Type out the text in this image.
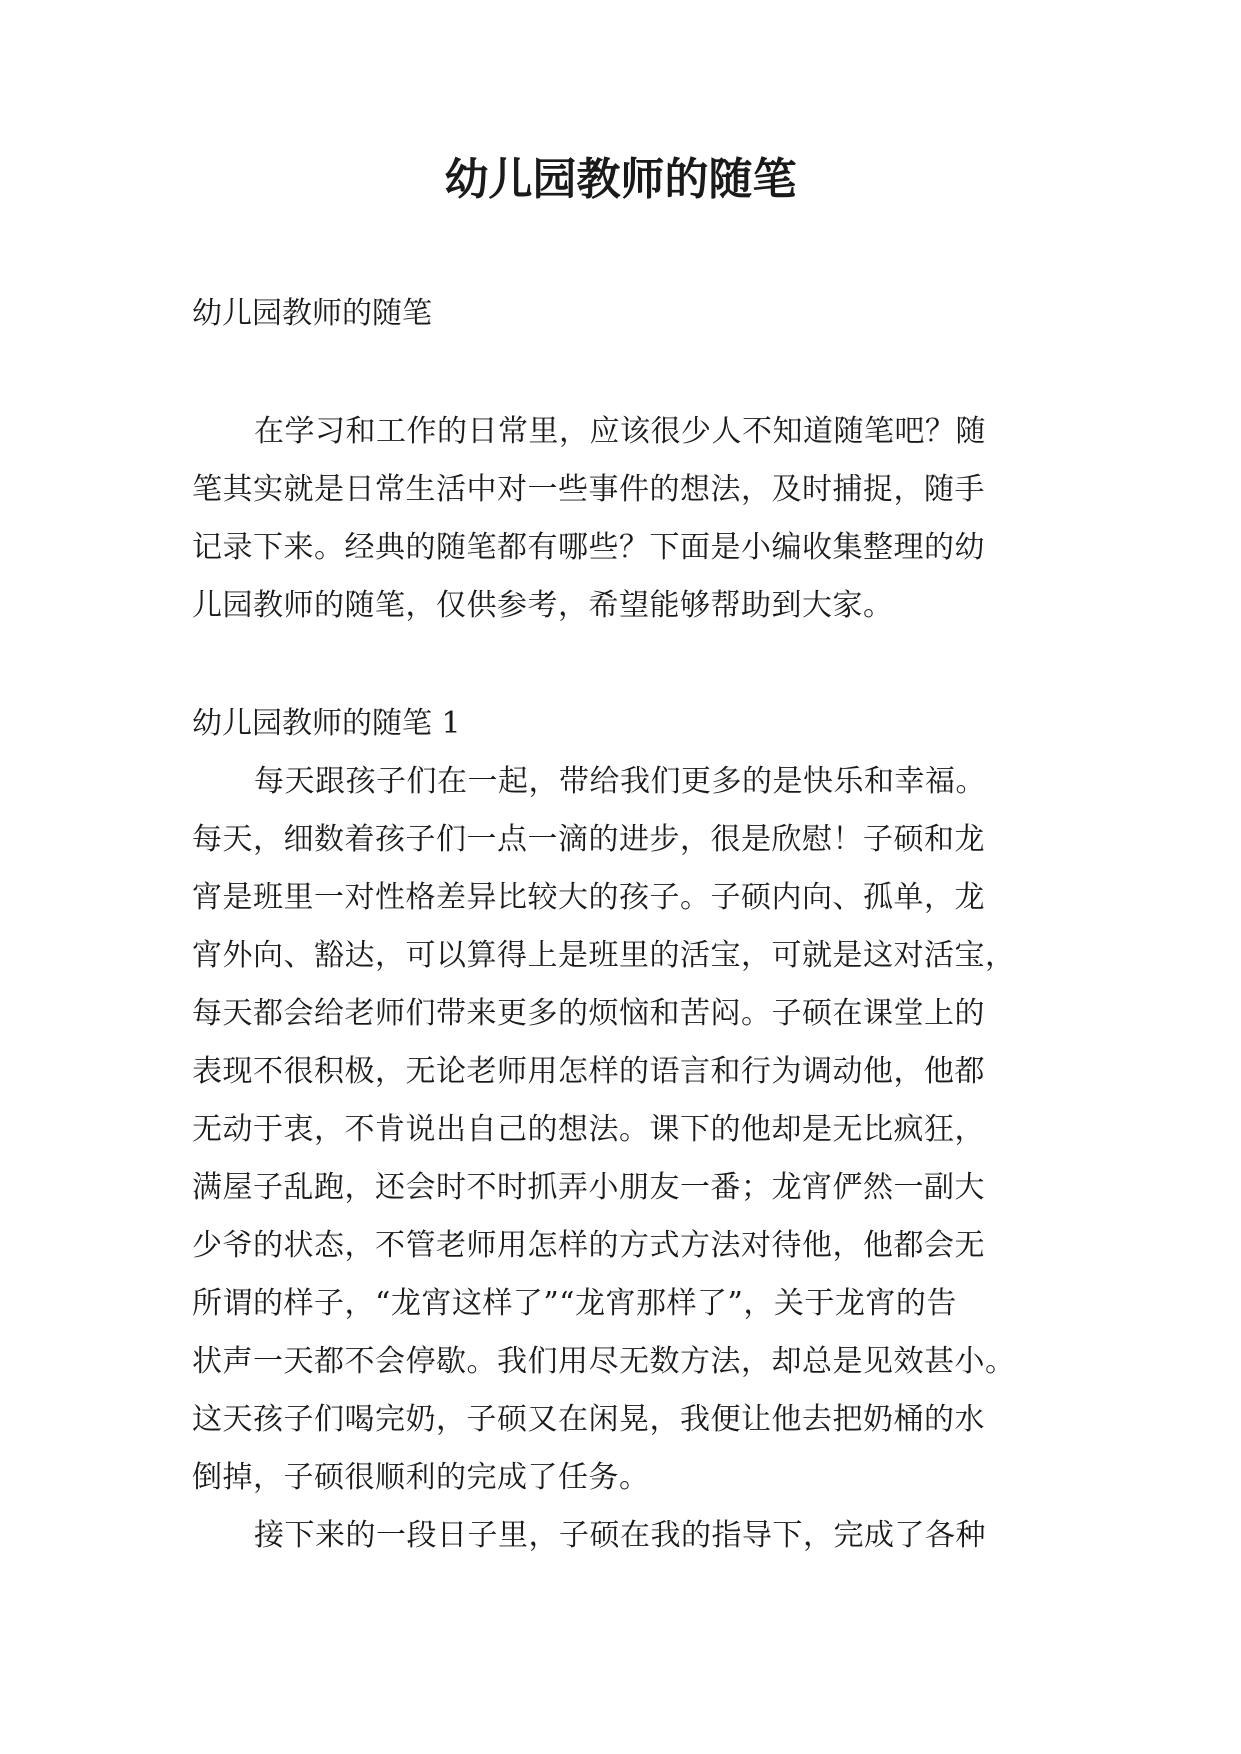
幼儿园教师的随笔

幼儿园教师的随笔

在学习和工作的日常里，应该很少人不知道随笔吧？随

笔其实就是日常生活中对一些事件的想法，及时捕捉，随手

记录下来。经典的随笔都有哪些？下面是小编收集整理的幼

儿园教师的随笔，仅供参考，希望能够帮助到大家。

幼儿园教师的随笔 1

每天跟孩子们在一起，带给我们更多的是快乐和幸福。

每天，细数着孩子们一点一滴的进步，很是欣慰！子硕和龙

宵是班里一对性格差异比较大的孩子。子硕内向、孤单，龙

宵外向、豁达，可以算得上是班里的活宝，可就是这对活宝，

每天都会给老师们带来更多的烦恼和苦闷。子硕在课堂上的

表现不很积极，无论老师用怎样的语言和行为调动他，他都

无动于衷，不肯说出自己的想法。课下的他却是无比疯狂，

满屋子乱跑，还会时不时抓弄小朋友一番；龙宵俨然一副大

少爷的状态，不管老师用怎样的方式方法对待他，他都会无

所谓的样子，“龙宵这样了”“龙宵那样了”，关于龙宵的告

状声一天都不会停歇。我们用尽无数方法，却总是见效甚小。

这天孩子们喝完奶，子硕又在闲晃，我便让他去把奶桶的水

倒掉，子硕很顺利的完成了任务。

接下来的一段日子里，子硕在我的指导下，完成了各种
